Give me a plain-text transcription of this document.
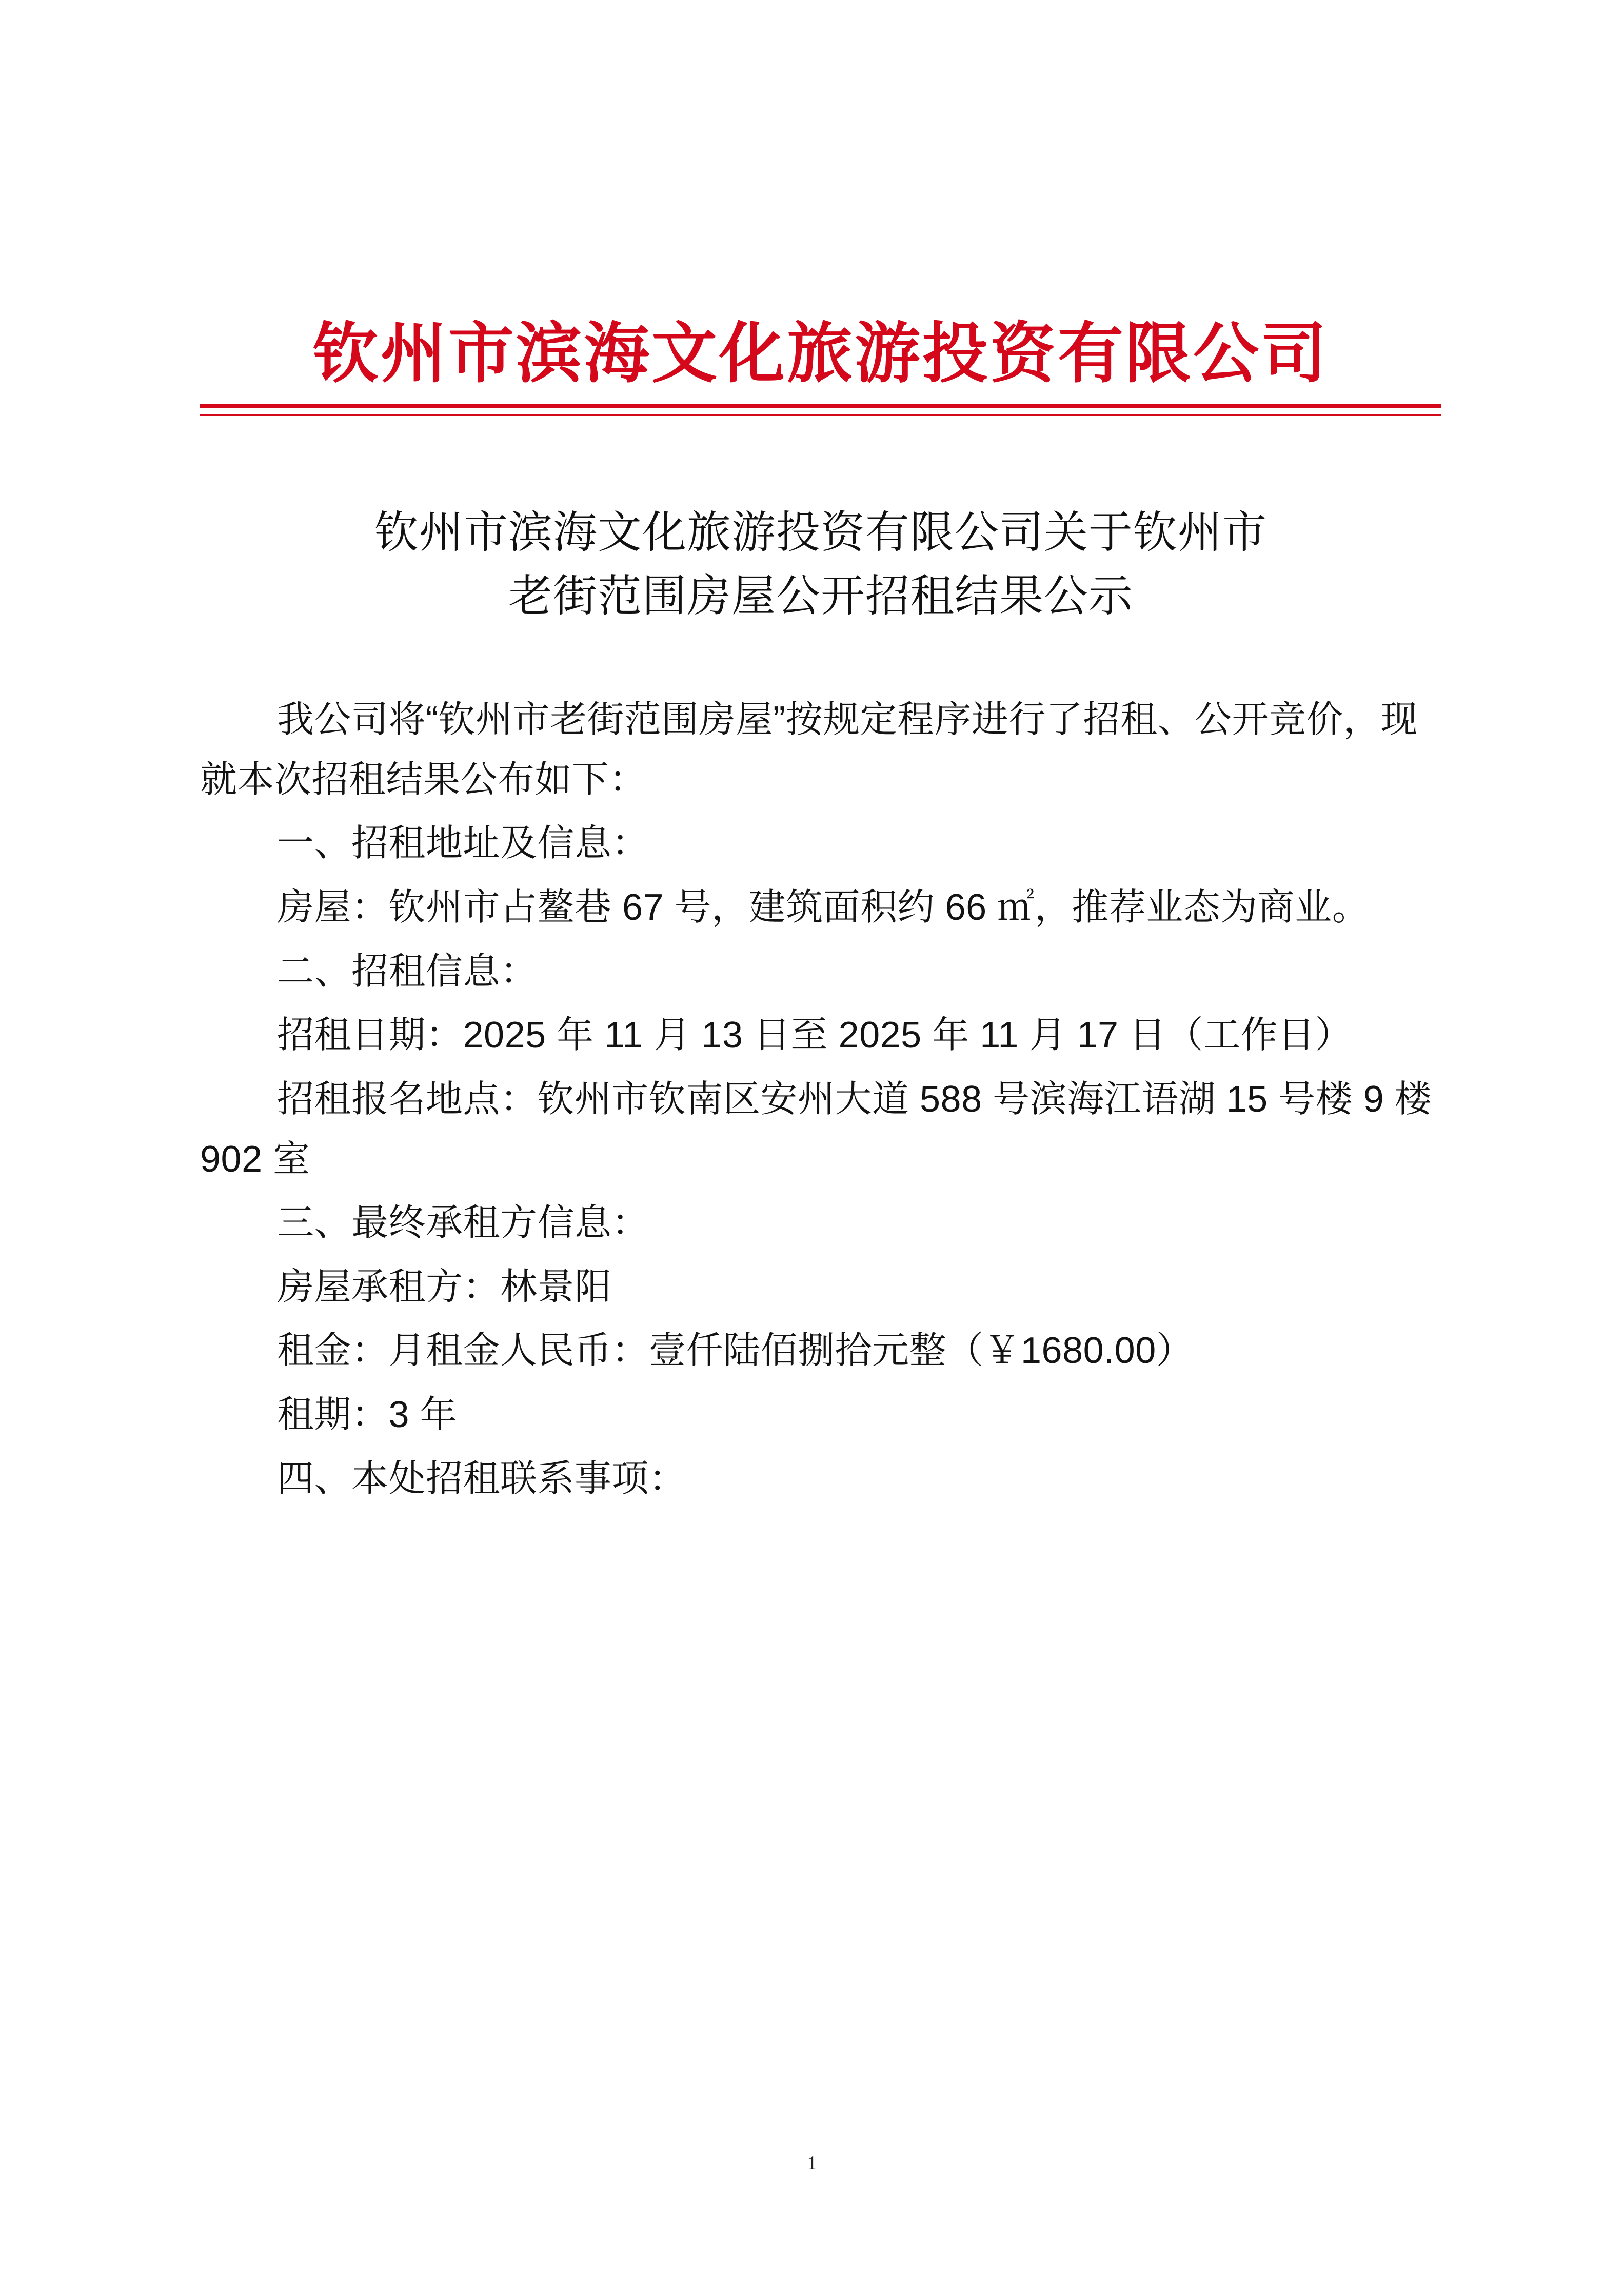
钦州市滨海文化旅游投资有限公司
钦州市滨海文化旅游投资有限公司关于钦州市
老街范围房屋公开招租结果公示

我公司将“钦州市老街范围房屋”按规定程序进行了招租、公开竞价，现就本次招租结果公布如下：

一、招租地址及信息：

房屋：钦州市占鳌巷 67 号，建筑面积约 66 ㎡，推荐业态为商业。

二、招租信息：

招租日期：2025 年 11 月 13 日至 2025 年 11 月 17 日（工作日）

招租报名地点：钦州市钦南区安州大道 588 号滨海江语湖 15 号楼 9 楼 902 室

三、最终承租方信息：

房屋承租方：林景阳

租金：月租金人民币：壹仟陆佰捌拾元整（￥1680.00）

租期：3 年

四、本处招租联系事项：

1
